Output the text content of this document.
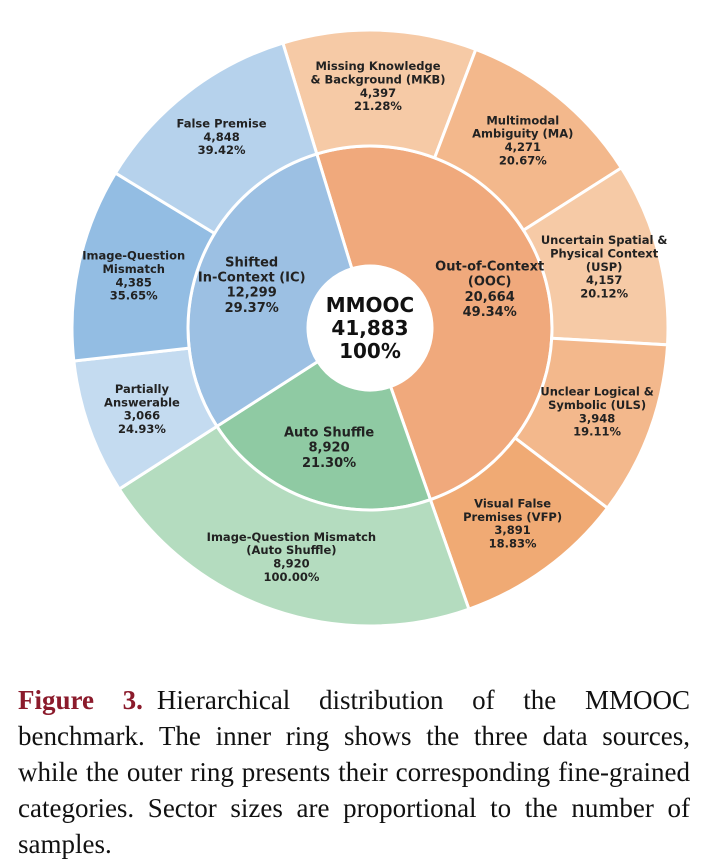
Out-of-Context (OOC) 20,664 49.34%
Auto Shuffle 8,920 21.30%
Shifted In-Context (IC) 12,299 29.37%
Missing Knowledge & Background (MKB) 4,397 21.28%
Multimodal Ambiguity (MA) 4,271 20.67%
Uncertain Spatial & Physical Context (USP) 4,157 20.12%
Unclear Logical & Symbolic (ULS) 3,948 19.11%
Visual False Premises (VFP) 3,891 18.83%
Image-Question Mismatch (Auto Shuffle) 8,920 100.00%
Partially Answerable 3,066 24.93%
Image-Question Mismatch 4,385 35.65%
False Premise 4,848 39.42%
MMOOC 41,883 100%

Figure 3. Hierarchical distribution of the MMOOC benchmark. The inner ring shows the three data sources, while the outer ring presents their corresponding fine-grained categories. Sector sizes are proportional to the number of samples.
